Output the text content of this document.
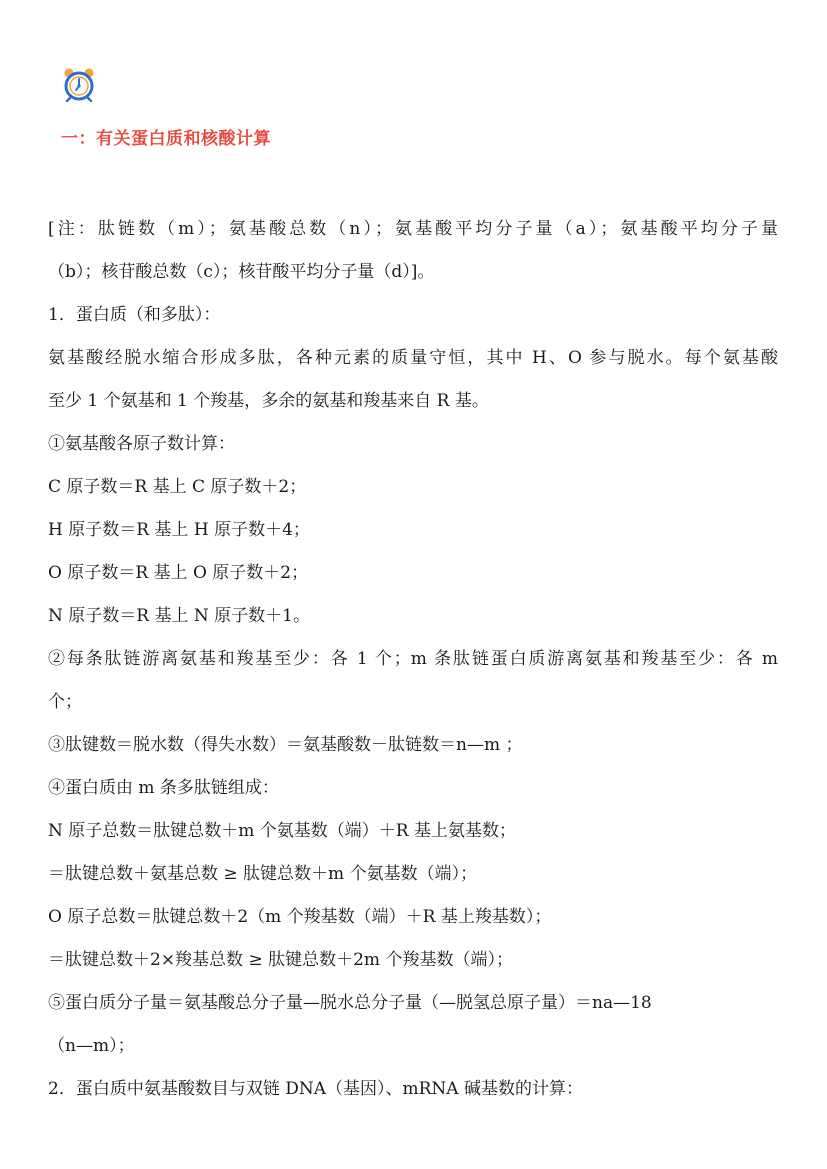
一：有关蛋白质和核酸计算
[注：肽链数（m）；氨基酸总数（n）；氨基酸平均分子量（a）；氨基酸平均分子量
（b）；核苷酸总数（c）；核苷酸平均分子量（d）]。
1．蛋白质（和多肽）：
氨基酸经脱水缩合形成多肽，各种元素的质量守恒，其中 H、O 参与脱水。每个氨基酸
至少 1 个氨基和 1 个羧基，多余的氨基和羧基来自 R 基。
①氨基酸各原子数计算：
C 原子数＝R 基上 C 原子数＋2；
H 原子数＝R 基上 H 原子数＋4；
O 原子数＝R 基上 O 原子数＋2；
N 原子数＝R 基上 N 原子数＋1。
②每条肽链游离氨基和羧基至少：各 1 个；m 条肽链蛋白质游离氨基和羧基至少：各 m
个；
③肽键数＝脱水数（得失水数）＝氨基酸数－肽链数＝n—m ；
④蛋白质由 m 条多肽链组成：
N 原子总数＝肽键总数＋m 个氨基数（端）＋R 基上氨基数；
＝肽键总数＋氨基总数 ≥ 肽键总数＋m 个氨基数（端）；
O 原子总数＝肽键总数＋2（m 个羧基数（端）＋R 基上羧基数）；
＝肽键总数＋2×羧基总数 ≥ 肽键总数＋2m 个羧基数（端）；
⑤蛋白质分子量＝氨基酸总分子量—脱水总分子量（—脱氢总原子量）＝na—18
（n—m）；
2．蛋白质中氨基酸数目与双链 DNA（基因）、mRNA 碱基数的计算：
